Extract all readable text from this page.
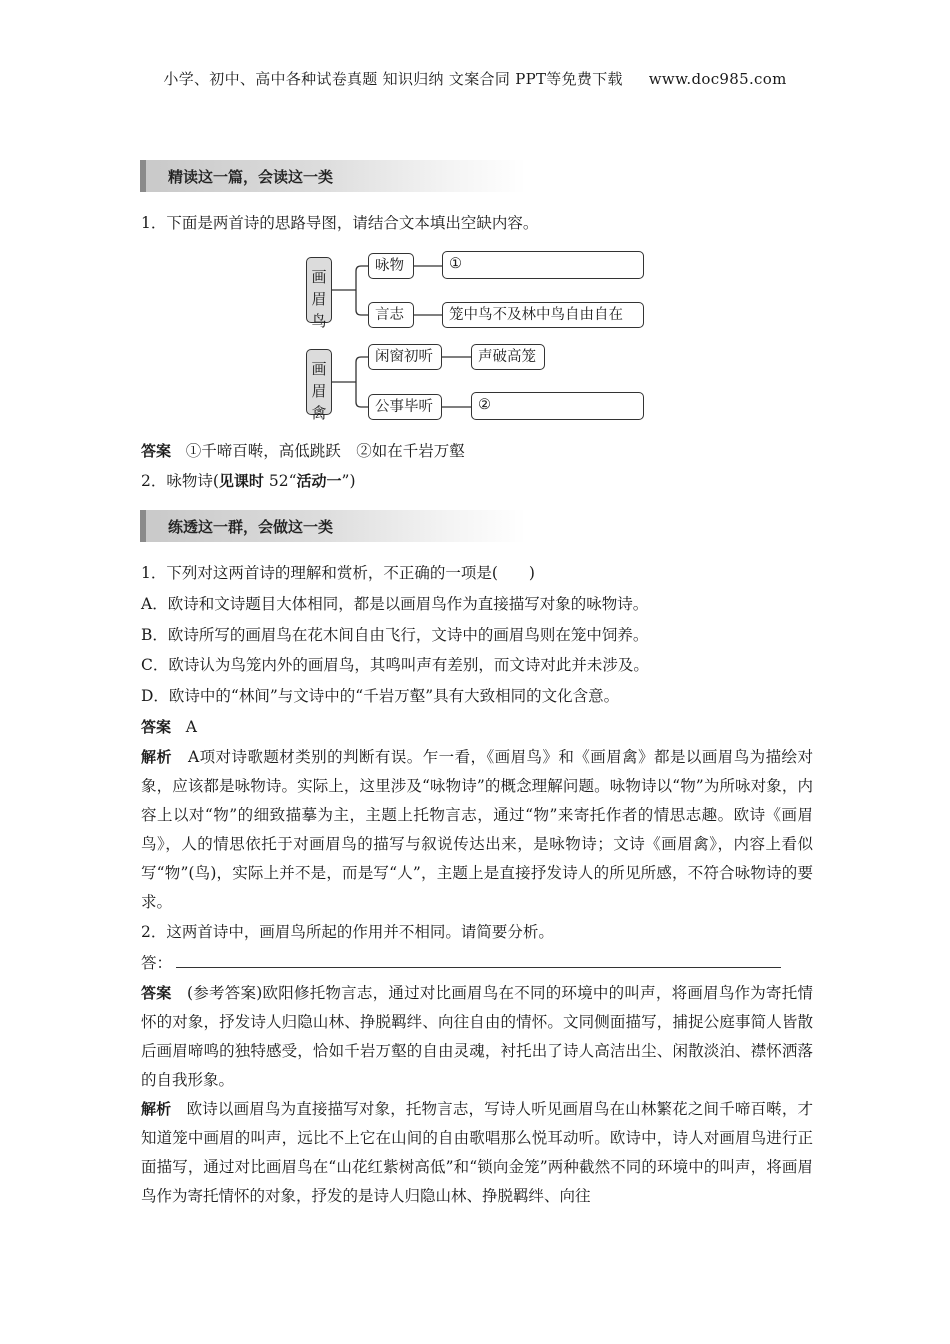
小学、初中、高中各种试卷真题 知识归纳 文案合同 PPT等免费下载 www.doc985.com
精读这一篇，会读这一类
1．下面是两首诗的思路导图，请结合文本填出空缺内容。
画
眉
鸟
咏物	①
言志	笼中鸟不及林中鸟自由自在
画
眉
禽
闲窗初听	声破高笼
公事毕听	②
答案 ①千啼百啭，高低跳跃　②如在千岩万壑
2．咏物诗(见课时 52“活动一”)
练透这一群，会做这一类
1．下列对这两首诗的理解和赏析，不正确的一项是(　　)
A．欧诗和文诗题目大体相同，都是以画眉鸟作为直接描写对象的咏物诗。
B．欧诗所写的画眉鸟在花木间自由飞行，文诗中的画眉鸟则在笼中饲养。
C．欧诗认为鸟笼内外的画眉鸟，其鸣叫声有差别，而文诗对此并未涉及。
D．欧诗中的“林间”与文诗中的“千岩万壑”具有大致相同的文化含意。
答案 A
解析 A项对诗歌题材类别的判断有误。乍一看，《画眉鸟》和《画眉禽》都是以画眉鸟为描绘对象，应该都是咏物诗。实际上，这里涉及“咏物诗”的概念理解问题。咏物诗以“物”为所咏对象，内容上以对“物”的细致描摹为主，主题上托物言志，通过“物”来寄托作者的情思志趣。欧诗《画眉鸟》，人的情思依托于对画眉鸟的描写与叙说传达出来，是咏物诗；文诗《画眉禽》，内容上看似写“物”(鸟)，实际上并不是，而是写“人”，主题上是直接抒发诗人的所见所感，不符合咏物诗的要求。
2．这两首诗中，画眉鸟所起的作用并不相同。请简要分析。
答：
答案 (参考答案)欧阳修托物言志，通过对比画眉鸟在不同的环境中的叫声，将画眉鸟作为寄托情怀的对象，抒发诗人归隐山林、挣脱羁绊、向往自由的情怀。文同侧面描写，捕捉公庭事简人皆散后画眉啼鸣的独特感受，恰如千岩万壑的自由灵魂，衬托出了诗人高洁出尘、闲散淡泊、襟怀洒落的自我形象。
解析 欧诗以画眉鸟为直接描写对象，托物言志，写诗人听见画眉鸟在山林繁花之间千啼百啭，才知道笼中画眉的叫声，远比不上它在山间的自由歌唱那么悦耳动听。欧诗中，诗人对画眉鸟进行正面描写，通过对比画眉鸟在“山花红紫树高低”和“锁向金笼”两种截然不同的环境中的叫声，将画眉鸟作为寄托情怀的对象，抒发的是诗人归隐山林、挣脱羁绊、向往
